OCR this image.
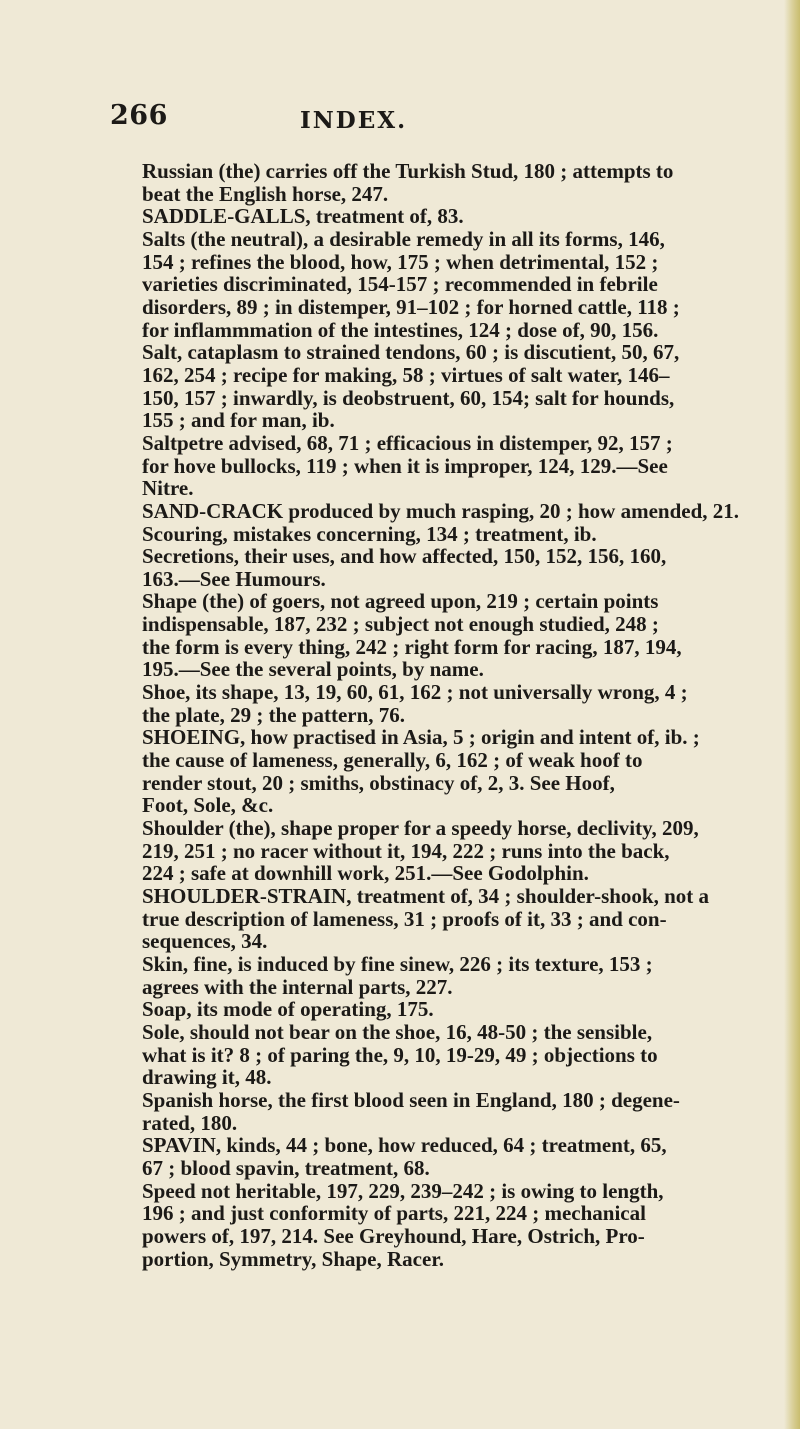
266	INDEX.

Russian (the) carries off the Turkish Stud, 180 ; attempts to
beat the English horse, 247.

SADDLE-GALLS, treatment of, 83.

Salts (the neutral), a desirable remedy in all its forms, 146,
154 ; refines the blood, how, 175 ; when detrimental, 152 ;
varieties discriminated, 154-157 ; recommended in febrile
disorders, 89 ; in distemper, 91–102 ; for horned cattle, 118 ;
for inflammmation of the intestines, 124 ; dose of, 90, 156.

Salt, cataplasm to strained tendons, 60 ; is discutient, 50, 67,
162, 254 ; recipe for making, 58 ; virtues of salt water, 146–
150, 157 ; inwardly, is deobstruent, 60, 154; salt for hounds,
155 ; and for man, ib.

Saltpetre advised, 68, 71 ; efficacious in distemper, 92, 157 ;
for hove bullocks, 119 ; when it is improper, 124, 129.—See
Nitre.

SAND-CRACK produced by much rasping, 20 ; how amended, 21.

Scouring, mistakes concerning, 134 ; treatment, ib.

Secretions, their uses, and how affected, 150, 152, 156, 160,
163.—See Humours.

Shape (the) of goers, not agreed upon, 219 ; certain points
indispensable, 187, 232 ; subject not enough studied, 248 ;
the form is every thing, 242 ; right form for racing, 187, 194,
195.—See the several points, by name.

Shoe, its shape, 13, 19, 60, 61, 162 ; not universally wrong, 4 ;
the plate, 29 ; the pattern, 76.

SHOEING, how practised in Asia, 5 ; origin and intent of, ib. ;
the cause of lameness, generally, 6, 162 ; of weak hoof to
render stout, 20 ; smiths, obstinacy of, 2, 3. See Hoof,
Foot, Sole, &c.

Shoulder (the), shape proper for a speedy horse, declivity, 209,
219, 251 ; no racer without it, 194, 222 ; runs into the back,
224 ; safe at downhill work, 251.—See Godolphin.

SHOULDER-STRAIN, treatment of, 34 ; shoulder-shook, not a
true description of lameness, 31 ; proofs of it, 33 ; and con-
sequences, 34.

Skin, fine, is induced by fine sinew, 226 ; its texture, 153 ;
agrees with the internal parts, 227.

Soap, its mode of operating, 175.

Sole, should not bear on the shoe, 16, 48-50 ; the sensible,
what is it? 8 ; of paring the, 9, 10, 19-29, 49 ; objections to
drawing it, 48.

Spanish horse, the first blood seen in England, 180 ; degene-
rated, 180.

SPAVIN, kinds, 44 ; bone, how reduced, 64 ; treatment, 65,
67 ; blood spavin, treatment, 68.

Speed not heritable, 197, 229, 239–242 ; is owing to length,
196 ; and just conformity of parts, 221, 224 ; mechanical
powers of, 197, 214. See Greyhound, Hare, Ostrich, Pro-
portion, Symmetry, Shape, Racer.
